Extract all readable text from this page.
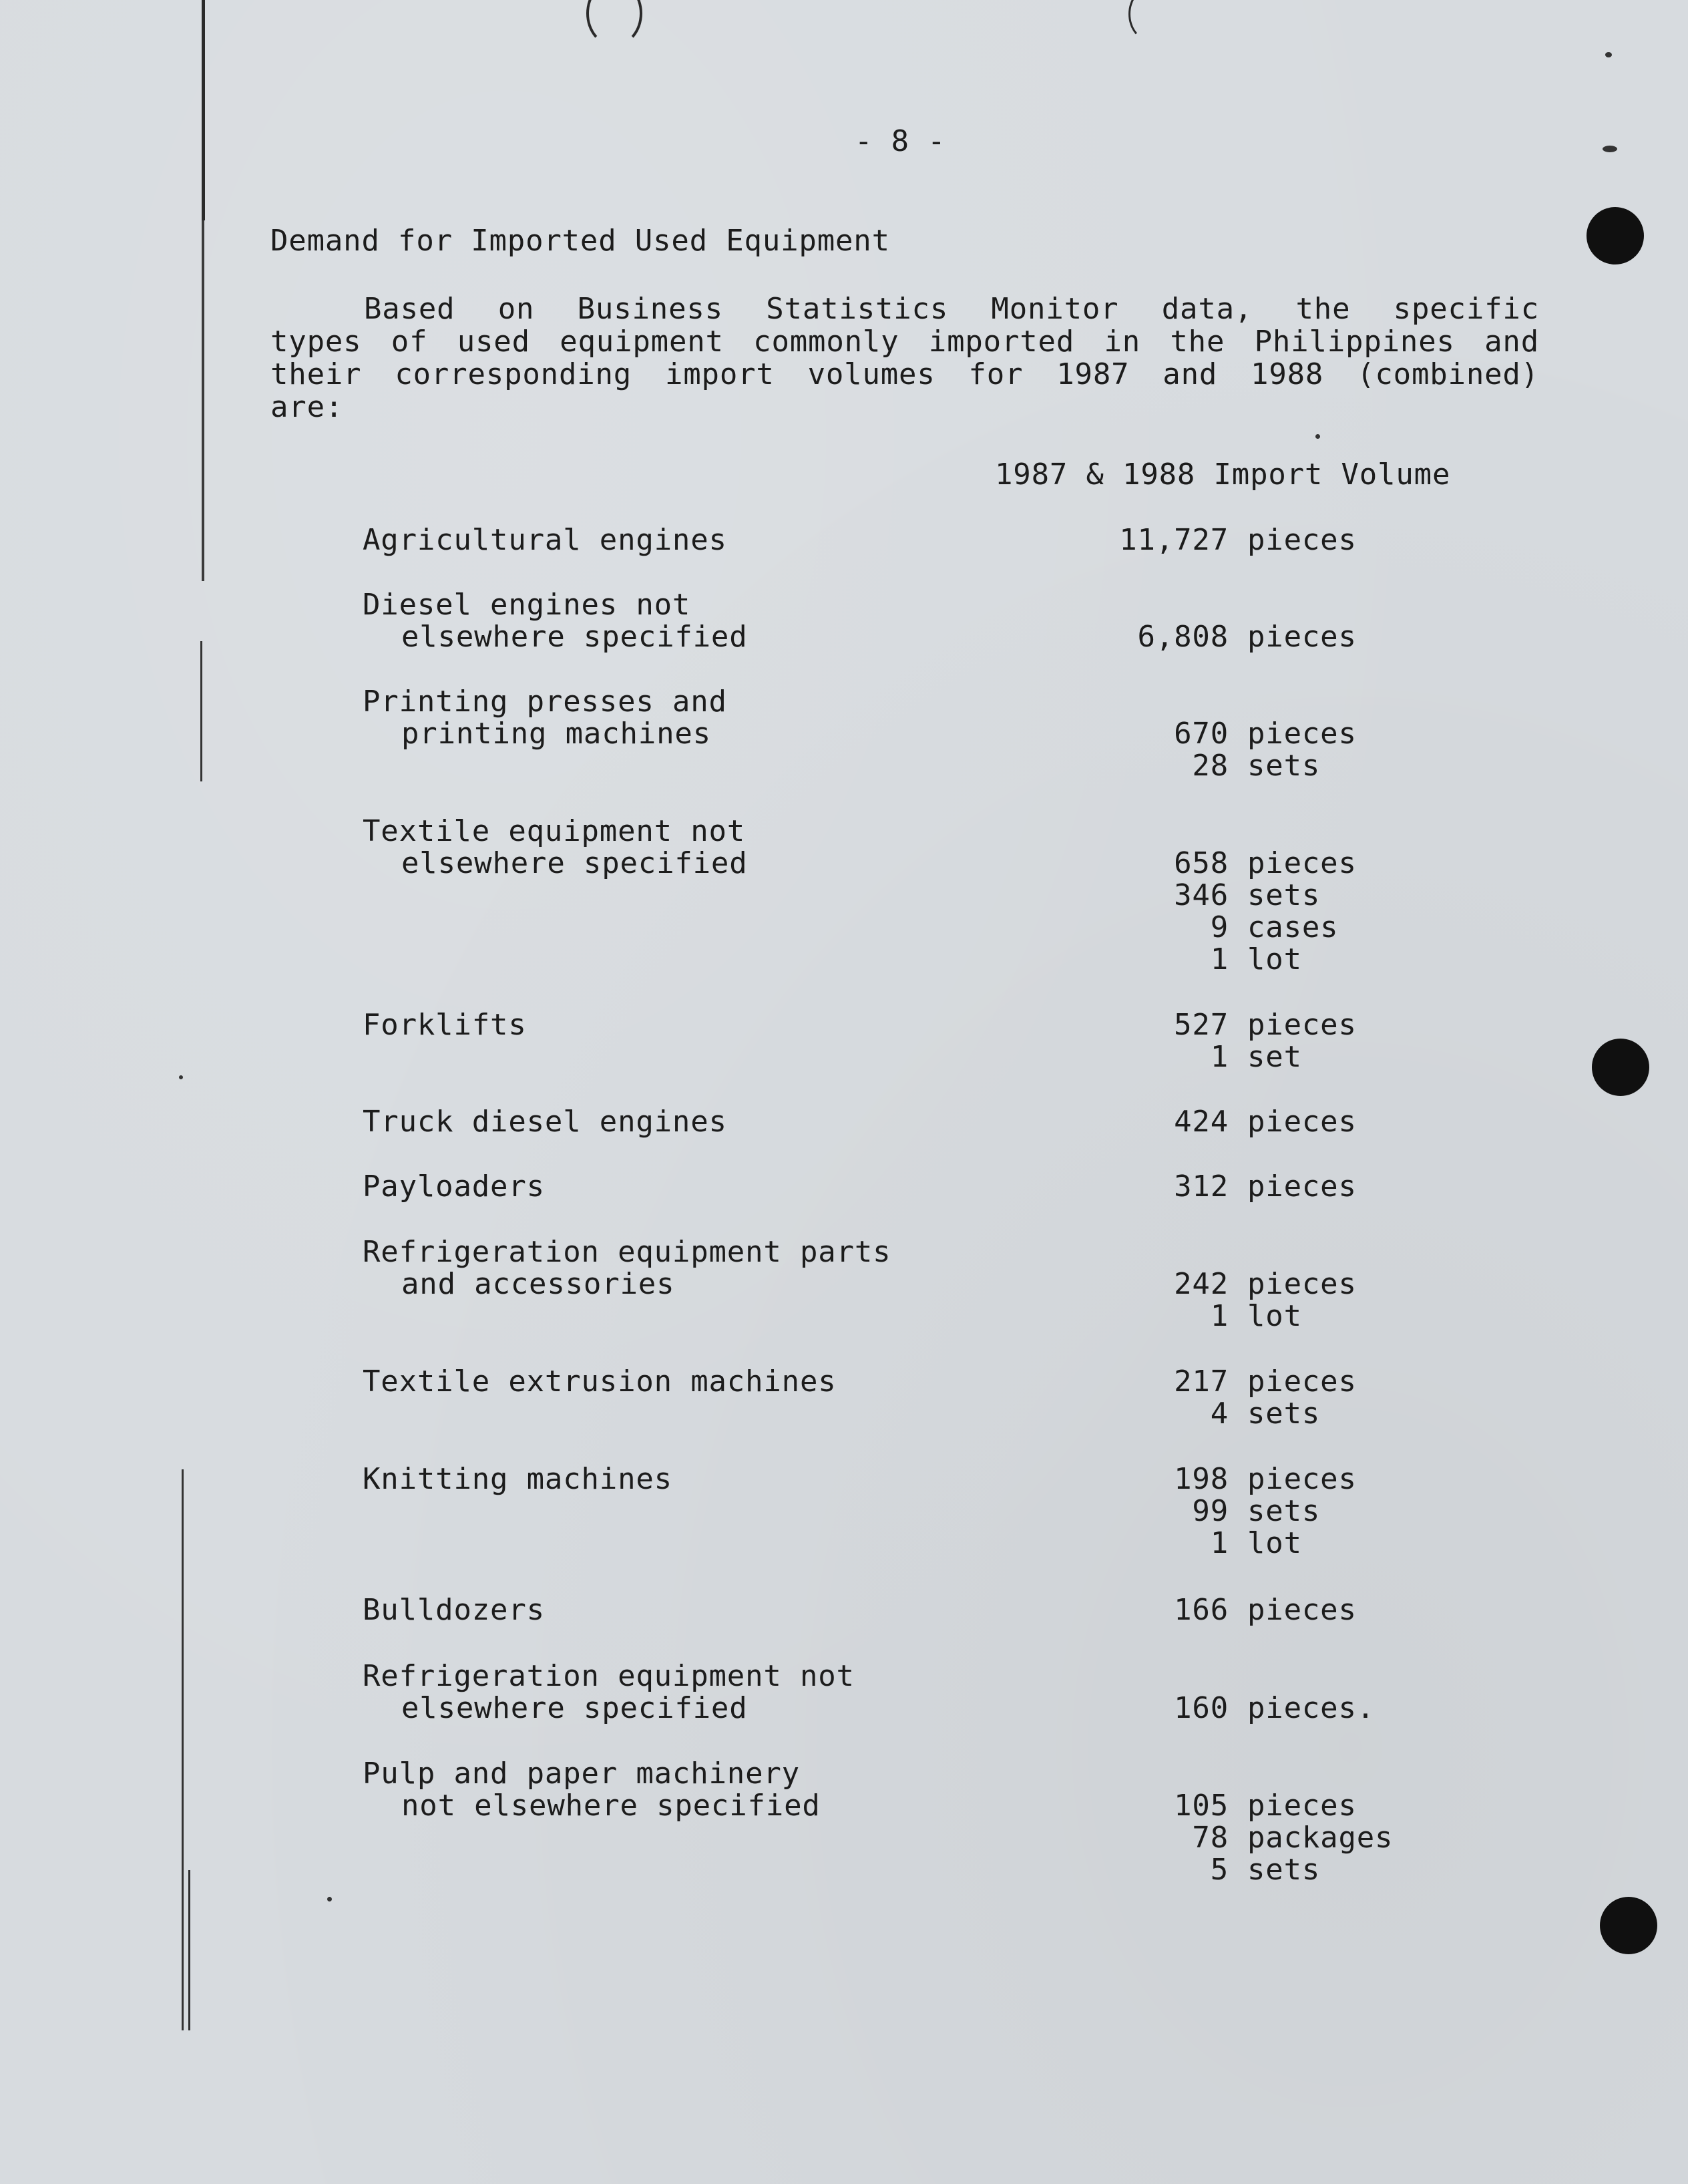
- 8 -
Demand for Imported Used Equipment
Based on Business Statistics Monitor data, the specific
types of used equipment commonly imported in the Philippines and
their corresponding import volumes for 1987 and 1988 (combined)
are:
1987 & 1988 Import Volume
Agricultural engines	11,727 pieces
Diesel engines not
elsewhere specified	6,808 pieces
Printing presses and
printing machines	670 pieces
28 sets
Textile equipment not
elsewhere specified	658 pieces
346 sets
9 cases
1 lot
Forklifts	527 pieces
1 set
Truck diesel engines	424 pieces
Payloaders	312 pieces
Refrigeration equipment parts
and accessories	242 pieces
1 lot
Textile extrusion machines	217 pieces
4 sets
Knitting machines	198 pieces
99 sets
1 lot
Bulldozers	166 pieces
Refrigeration equipment not
elsewhere specified	160 pieces.
Pulp and paper machinery
not elsewhere specified	105 pieces
78 packages
5 sets
